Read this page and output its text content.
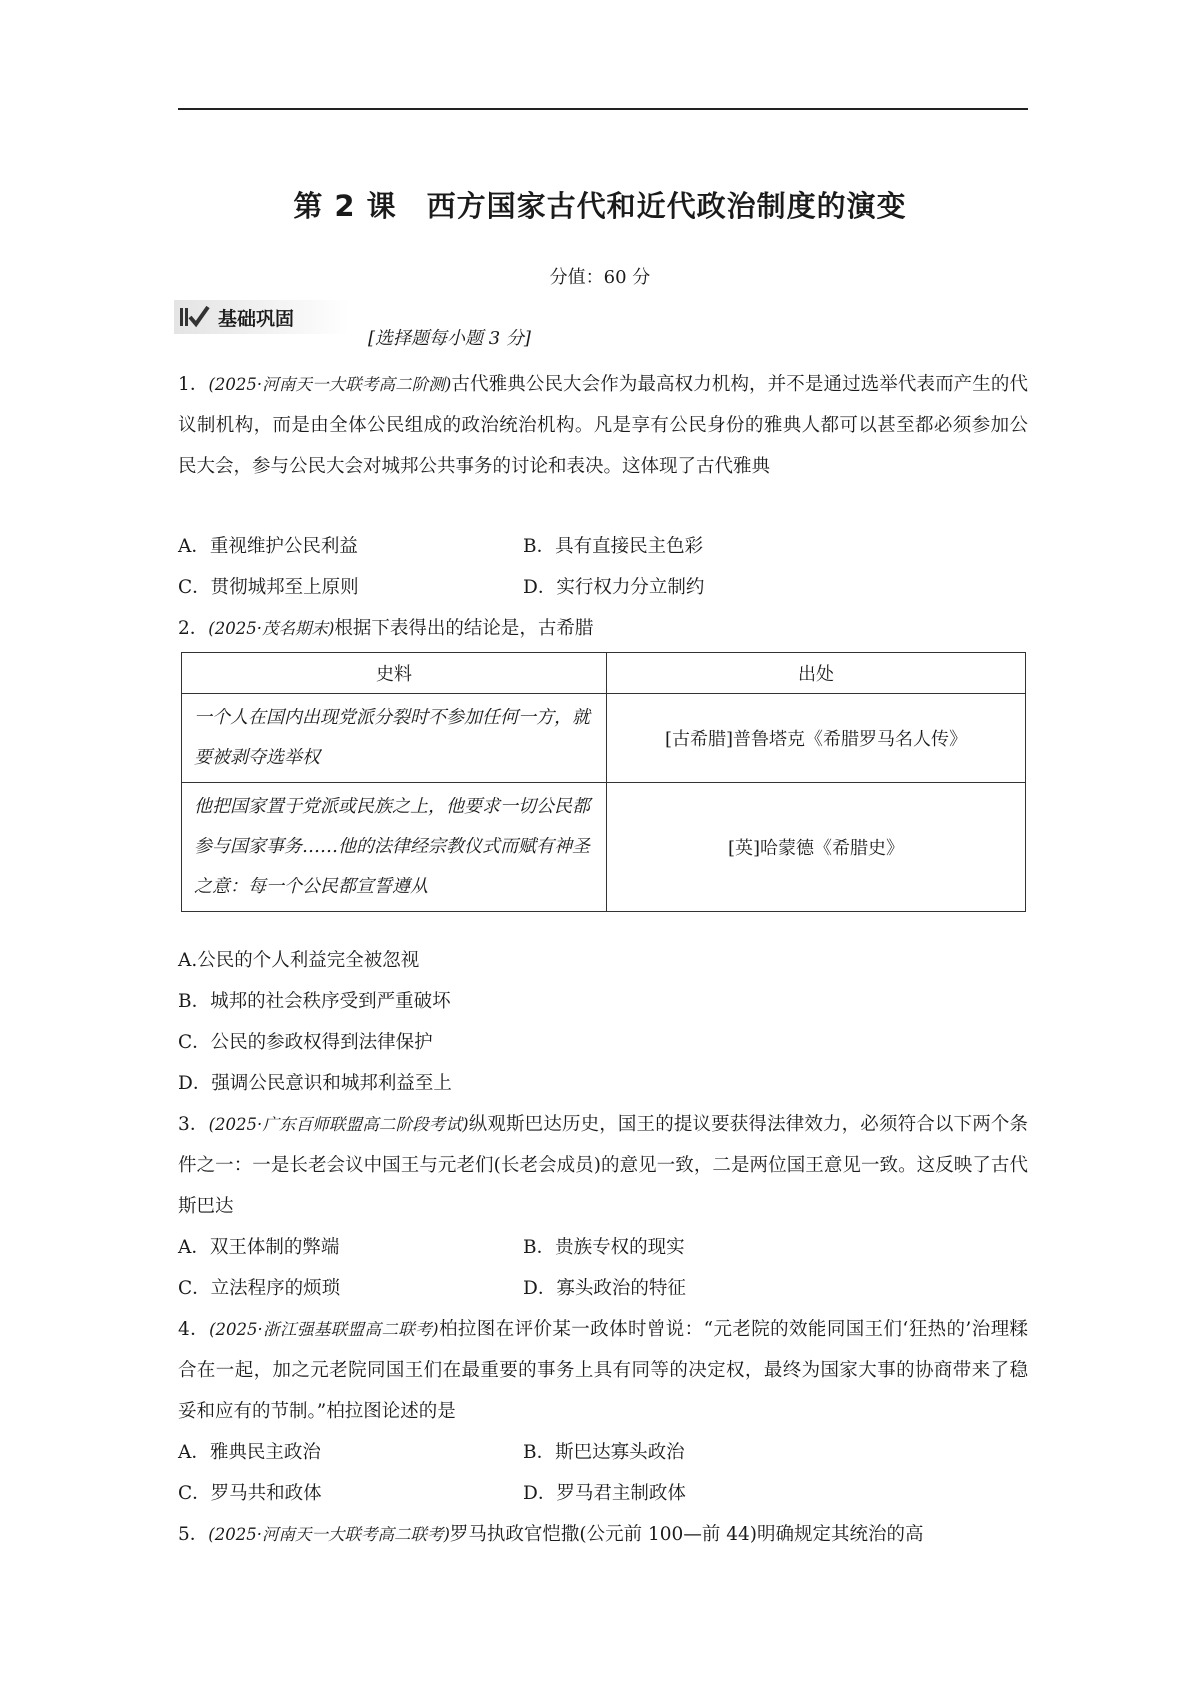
第 2 课　西方国家古代和近代政治制度的演变
分值：60 分
基础巩固
[选择题每小题 3 分]
1．(2025·河南天一大联考高二阶测)古代雅典公民大会作为最高权力机构，并不是通过选举代表而产生的代议制机构，而是由全体公民组成的政治统治机构。凡是享有公民身份的雅典人都可以甚至都必须参加公民大会，参与公民大会对城邦公共事务的讨论和表决。这体现了古代雅典
A．重视维护公民利益	B．具有直接民主色彩
C．贯彻城邦至上原则	D．实行权力分立制约
2．(2025·茂名期末)根据下表得出的结论是，古希腊
史料	出处
一个人在国内出现党派分裂时不参加任何一方，就要被剥夺选举权	[古希腊]普鲁塔克《希腊罗马名人传》
他把国家置于党派或民族之上，他要求一切公民都参与国家事务……他的法律经宗教仪式而赋有神圣之意：每一个公民都宣誓遵从	[英]哈蒙德《希腊史》
A.公民的个人利益完全被忽视
B．城邦的社会秩序受到严重破坏
C．公民的参政权得到法律保护
D．强调公民意识和城邦利益至上
3．(2025·广东百师联盟高二阶段考试)纵观斯巴达历史，国王的提议要获得法律效力，必须符合以下两个条件之一：一是长老会议中国王与元老们(长老会成员)的意见一致，二是两位国王意见一致。这反映了古代斯巴达
A．双王体制的弊端	B．贵族专权的现实
C．立法程序的烦琐	D．寡头政治的特征
4．(2025·浙江强基联盟高二联考)柏拉图在评价某一政体时曾说：“元老院的效能同国王们‘狂热的’治理糅合在一起，加之元老院同国王们在最重要的事务上具有同等的决定权，最终为国家大事的协商带来了稳妥和应有的节制。”柏拉图论述的是
A．雅典民主政治	B．斯巴达寡头政治
C．罗马共和政体	D．罗马君主制政体
5．(2025·河南天一大联考高二联考)罗马执政官恺撒(公元前 100—前 44)明确规定其统治的高
